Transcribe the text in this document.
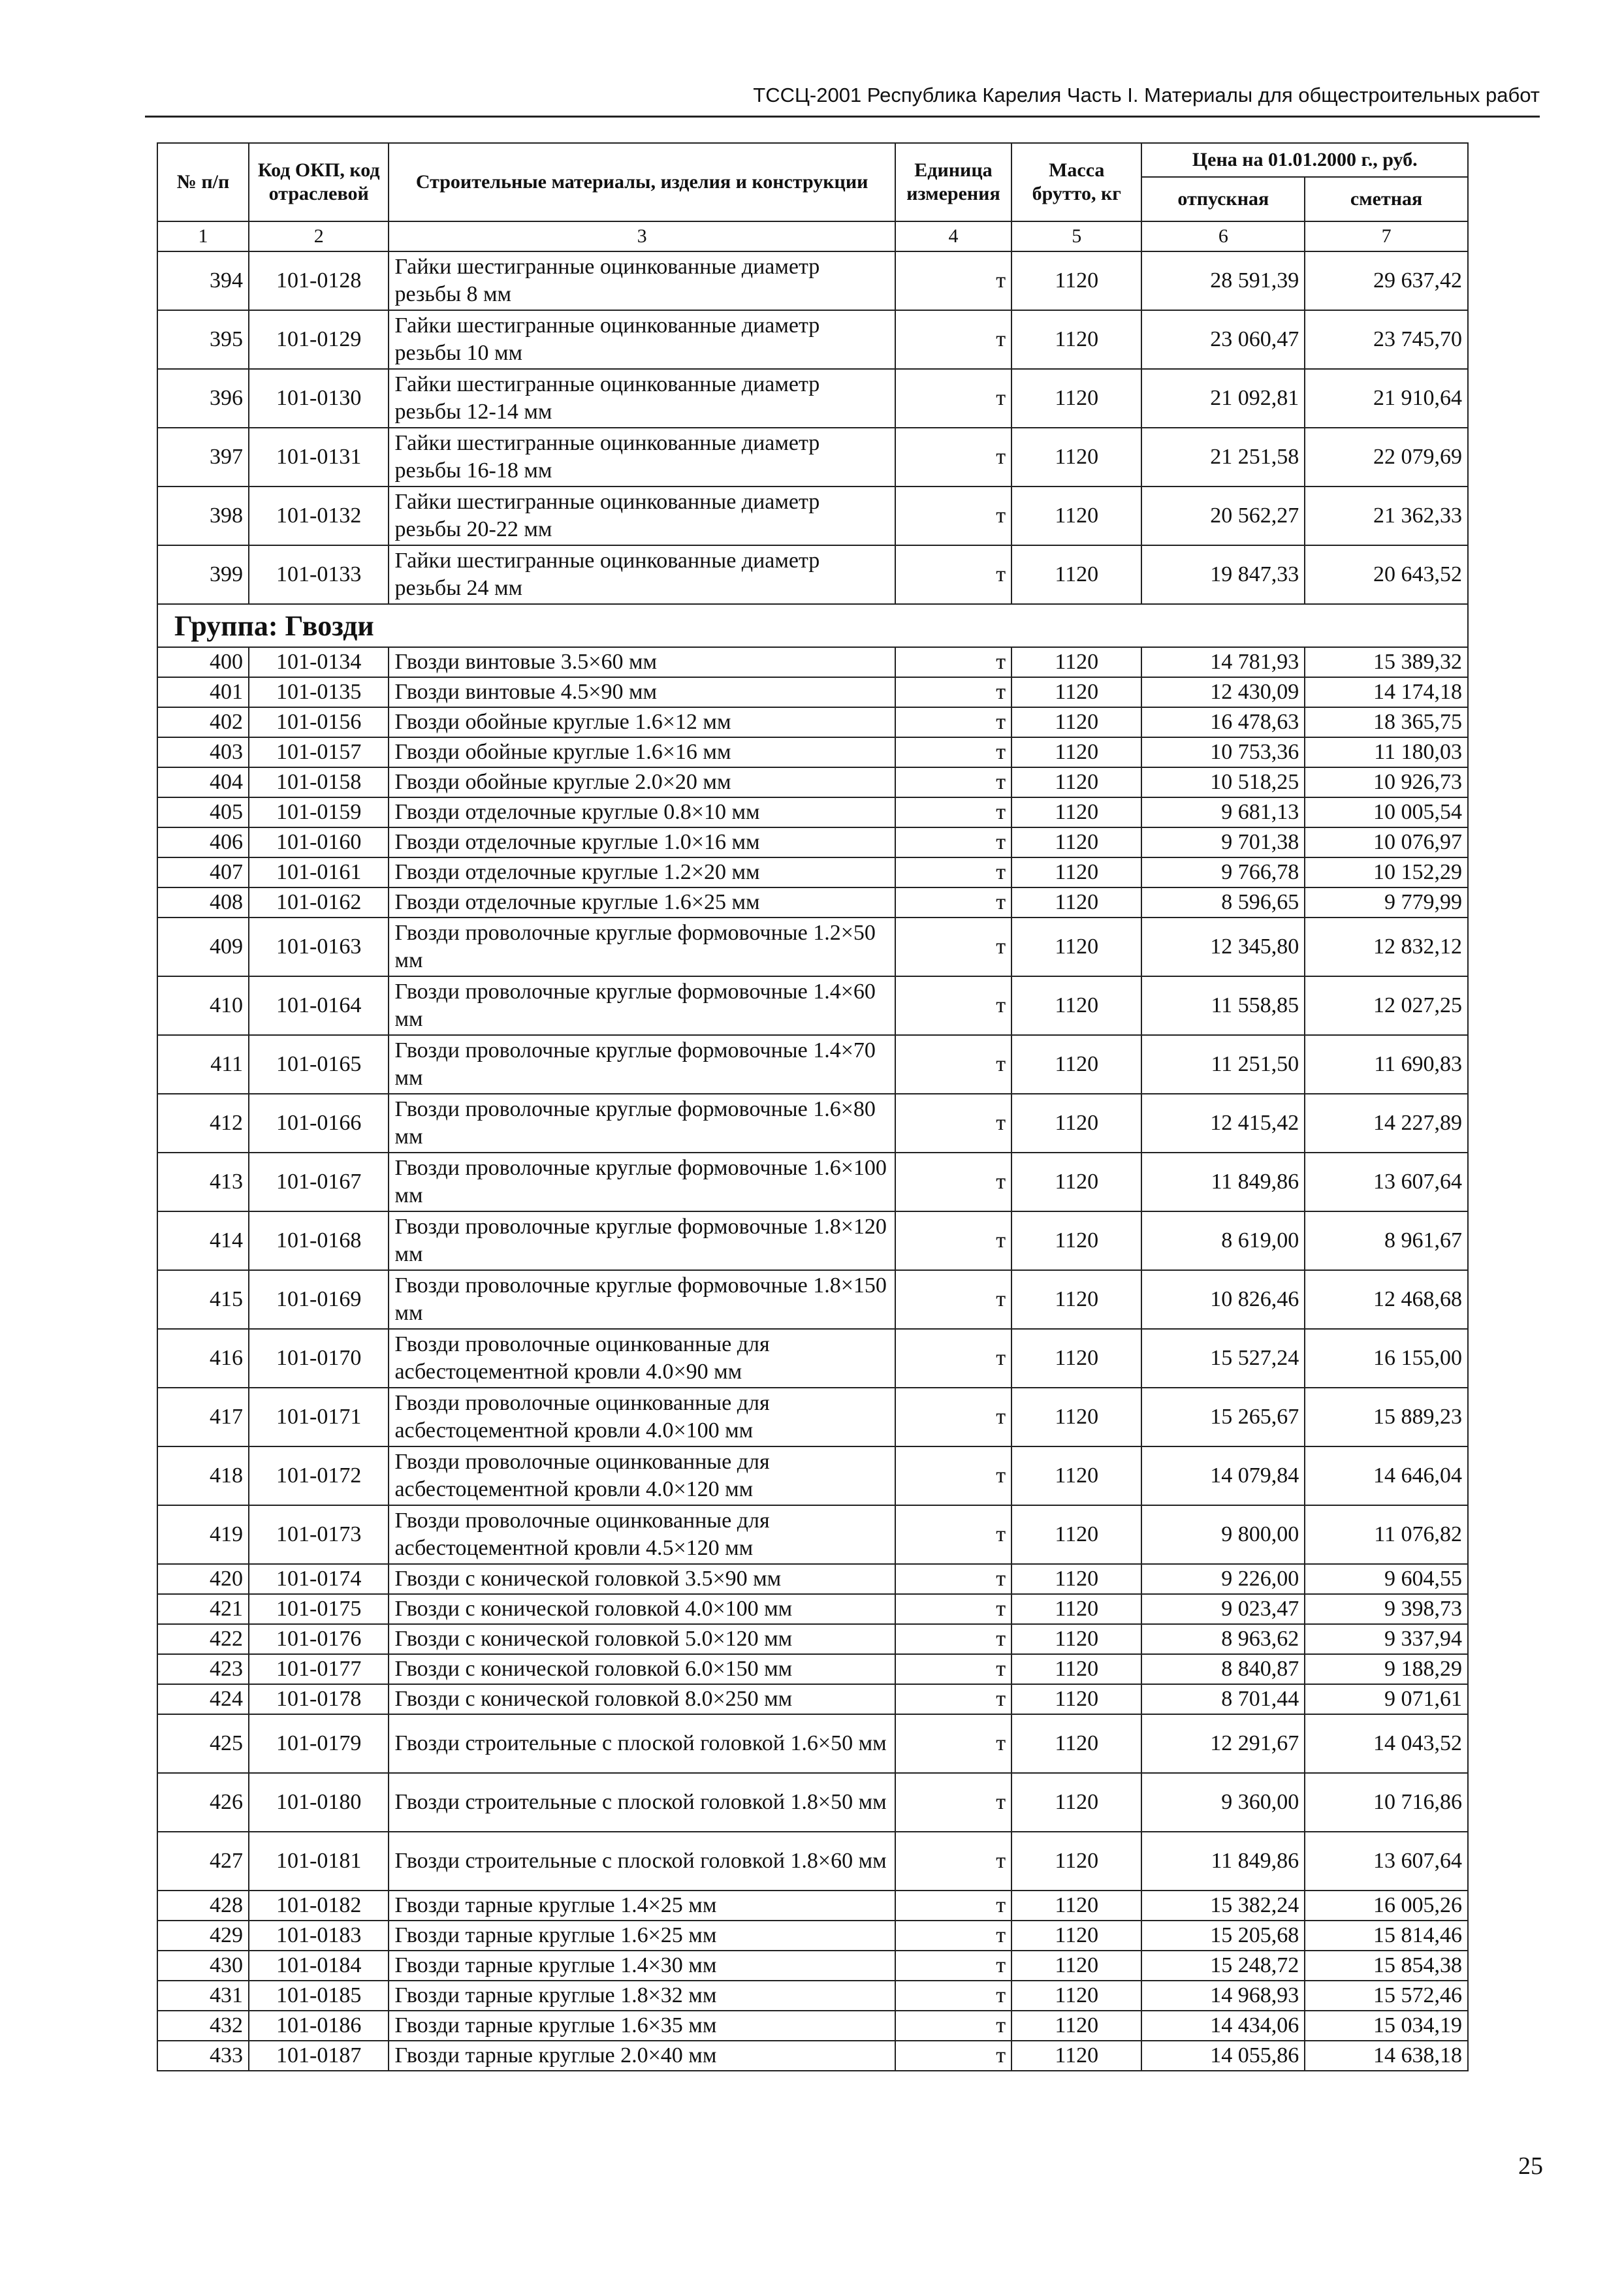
ТССЦ-2001 Республика Карелия Часть I. Материалы для общестроительных работ
№ п/п	Код ОКП, код отраслевой	Строительные материалы, изделия и конструкции	Единица измерения	Масса брутто, кг	Цена на 01.01.2000 г., руб.	
					отпускная	сметная
1	2	3	4	5	6	7
394	101-0128	Гайки шестигранные оцинкованные диаметр резьбы 8 мм	т	1120	28 591,39	29 637,42
395	101-0129	Гайки шестигранные оцинкованные диаметр резьбы 10 мм	т	1120	23 060,47	23 745,70
396	101-0130	Гайки шестигранные оцинкованные диаметр резьбы 12-14 мм	т	1120	21 092,81	21 910,64
397	101-0131	Гайки шестигранные оцинкованные диаметр резьбы 16-18 мм	т	1120	21 251,58	22 079,69
398	101-0132	Гайки шестигранные оцинкованные диаметр резьбы 20-22 мм	т	1120	20 562,27	21 362,33
399	101-0133	Гайки шестигранные оцинкованные диаметр резьбы 24 мм	т	1120	19 847,33	20 643,52
Группа: Гвозди						
400	101-0134	Гвозди винтовые 3.5×60 мм	т	1120	14 781,93	15 389,32
401	101-0135	Гвозди винтовые 4.5×90 мм	т	1120	12 430,09	14 174,18
402	101-0156	Гвозди обойные круглые 1.6×12 мм	т	1120	16 478,63	18 365,75
403	101-0157	Гвозди обойные круглые 1.6×16 мм	т	1120	10 753,36	11 180,03
404	101-0158	Гвозди обойные круглые 2.0×20 мм	т	1120	10 518,25	10 926,73
405	101-0159	Гвозди отделочные круглые 0.8×10 мм	т	1120	9 681,13	10 005,54
406	101-0160	Гвозди отделочные круглые 1.0×16 мм	т	1120	9 701,38	10 076,97
407	101-0161	Гвозди отделочные круглые 1.2×20 мм	т	1120	9 766,78	10 152,29
408	101-0162	Гвозди отделочные круглые 1.6×25 мм	т	1120	8 596,65	9 779,99
409	101-0163	Гвозди проволочные круглые формовочные 1.2×50 мм	т	1120	12 345,80	12 832,12
410	101-0164	Гвозди проволочные круглые формовочные 1.4×60 мм	т	1120	11 558,85	12 027,25
411	101-0165	Гвозди проволочные круглые формовочные 1.4×70 мм	т	1120	11 251,50	11 690,83
412	101-0166	Гвозди проволочные круглые формовочные 1.6×80 мм	т	1120	12 415,42	14 227,89
413	101-0167	Гвозди проволочные круглые формовочные 1.6×100 мм	т	1120	11 849,86	13 607,64
414	101-0168	Гвозди проволочные круглые формовочные 1.8×120 мм	т	1120	8 619,00	8 961,67
415	101-0169	Гвозди проволочные круглые формовочные 1.8×150 мм	т	1120	10 826,46	12 468,68
416	101-0170	Гвозди проволочные оцинкованные для асбестоцементной кровли 4.0×90 мм	т	1120	15 527,24	16 155,00
417	101-0171	Гвозди проволочные оцинкованные для асбестоцементной кровли 4.0×100 мм	т	1120	15 265,67	15 889,23
418	101-0172	Гвозди проволочные оцинкованные для асбестоцементной кровли 4.0×120 мм	т	1120	14 079,84	14 646,04
419	101-0173	Гвозди проволочные оцинкованные для асбестоцементной кровли 4.5×120 мм	т	1120	9 800,00	11 076,82
420	101-0174	Гвозди с конической головкой 3.5×90 мм	т	1120	9 226,00	9 604,55
421	101-0175	Гвозди с конической головкой 4.0×100 мм	т	1120	9 023,47	9 398,73
422	101-0176	Гвозди с конической головкой 5.0×120 мм	т	1120	8 963,62	9 337,94
423	101-0177	Гвозди с конической головкой 6.0×150 мм	т	1120	8 840,87	9 188,29
424	101-0178	Гвозди с конической головкой 8.0×250 мм	т	1120	8 701,44	9 071,61
425	101-0179	Гвозди строительные с плоской головкой 1.6×50 мм	т	1120	12 291,67	14 043,52
426	101-0180	Гвозди строительные с плоской головкой 1.8×50 мм	т	1120	9 360,00	10 716,86
427	101-0181	Гвозди строительные с плоской головкой 1.8×60 мм	т	1120	11 849,86	13 607,64
428	101-0182	Гвозди тарные круглые 1.4×25 мм	т	1120	15 382,24	16 005,26
429	101-0183	Гвозди тарные круглые 1.6×25 мм	т	1120	15 205,68	15 814,46
430	101-0184	Гвозди тарные круглые 1.4×30 мм	т	1120	15 248,72	15 854,38
431	101-0185	Гвозди тарные круглые 1.8×32 мм	т	1120	14 968,93	15 572,46
432	101-0186	Гвозди тарные круглые 1.6×35 мм	т	1120	14 434,06	15 034,19
433	101-0187	Гвозди тарные круглые 2.0×40 мм	т	1120	14 055,86	14 638,18
25
